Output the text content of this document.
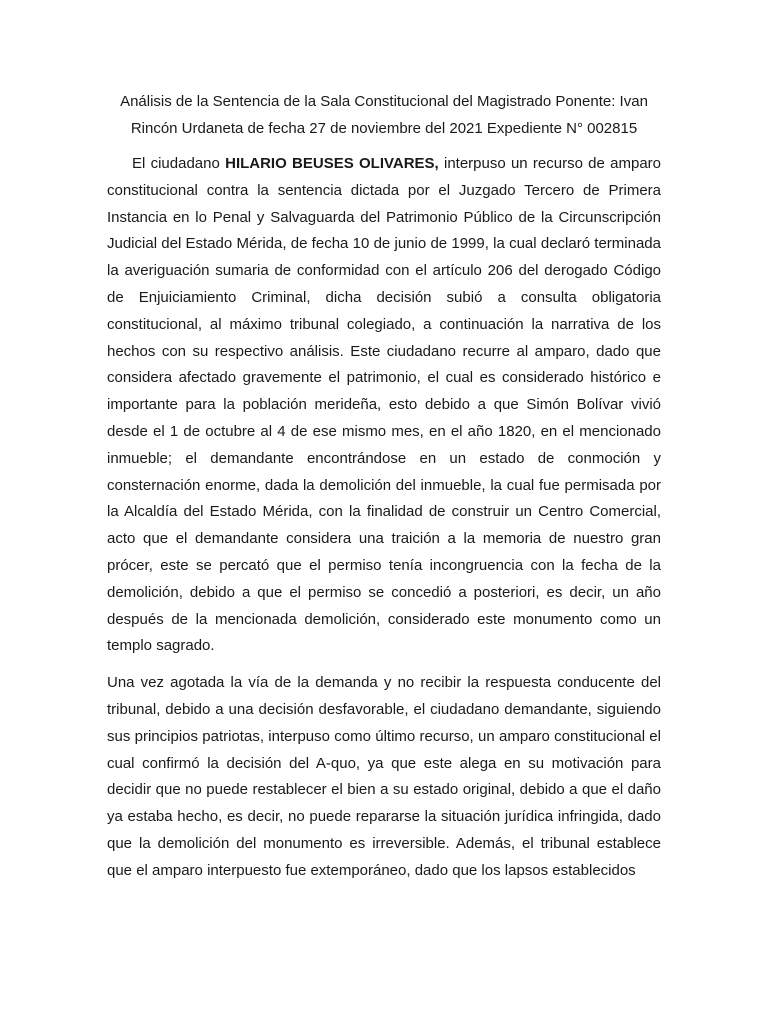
Análisis de la Sentencia de la Sala Constitucional del Magistrado Ponente: Ivan Rincón Urdaneta de fecha 27 de noviembre del 2021 Expediente N° 002815

El ciudadano HILARIO BEUSES OLIVARES, interpuso un recurso de amparo constitucional contra la sentencia dictada por el Juzgado Tercero de Primera Instancia en lo Penal y Salvaguarda del Patrimonio Público de la Circunscripción Judicial del Estado Mérida, de fecha 10 de junio de 1999, la cual declaró terminada la averiguación sumaria de conformidad con el artículo 206 del derogado Código de Enjuiciamiento Criminal, dicha decisión subió a consulta obligatoria constitucional, al máximo tribunal colegiado, a continuación la narrativa de los hechos con su respectivo análisis. Este ciudadano recurre al amparo, dado que considera afectado gravemente el patrimonio, el cual es considerado histórico e importante para la población merideña, esto debido a que Simón Bolívar vivió desde el 1 de octubre al 4 de ese mismo mes, en el año 1820, en el mencionado inmueble; el demandante encontrándose en un estado de conmoción y consternación enorme, dada la demolición del inmueble, la cual fue permisada por la Alcaldía del Estado Mérida, con la finalidad de construir un Centro Comercial, acto que el demandante considera una traición a la memoria de nuestro gran prócer, este se percató que el permiso tenía incongruencia con la fecha de la demolición, debido a que el permiso se concedió a posteriori, es decir, un año después de la mencionada demolición, considerado este monumento como un templo sagrado.

Una vez agotada la vía de la demanda y no recibir la respuesta conducente del tribunal, debido a una decisión desfavorable, el ciudadano demandante, siguiendo sus principios patriotas, interpuso como último recurso, un amparo constitucional el cual confirmó la decisión del A-quo, ya que este alega en su motivación para decidir que no puede restablecer el bien a su estado original, debido a que el daño ya estaba hecho, es decir, no puede repararse la situación jurídica infringida, dado que la demolición del monumento es irreversible. Además, el tribunal establece que el amparo interpuesto fue extemporáneo, dado que los lapsos establecidos
